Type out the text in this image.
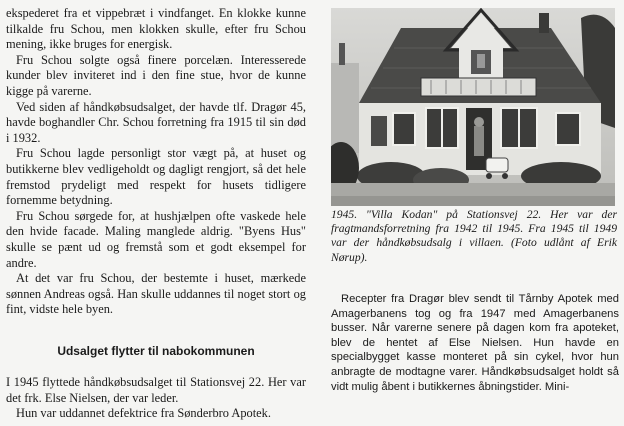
ekspederet fra et vippebræt i vindfanget. En klokke kunne tilkalde fru Schou, men klokken skulle, efter fru Schou mening, ikke bruges for energisk.

Fru Schou solgte også finere porcelæn. Interesserede kunder blev inviteret ind i den fine stue, hvor de kunne kigge på varerne.

Ved siden af håndkøbsudsalget, der havde tlf. Dragør 45, havde boghandler Chr. Schou forretning fra 1915 til sin død i 1932.

Fru Schou lagde personligt stor vægt på, at huset og butikkerne blev vedligeholdt og dagligt rengjort, så det hele fremstod prydeligt med respekt for husets tidligere fornemme betydning.

Fru Schou sørgede for, at hushjælpen ofte vaskede hele den hvide facade. Maling manglede aldrig. "Byens Hus" skulle se pænt ud og fremstå som et godt eksempel for andre.

At det var fru Schou, der bestemte i huset, mærkede sønnen Andreas også. Han skulle uddannes til noget stort og fint, vidste hele byen.

Udsalget flytter til nabokommunen

I 1945 flyttede håndkøbsudsalget til Stationsvej 22. Her var det frk. Else Nielsen, der var leder.

Hun var uddannet defektrice fra Sønderbro Apotek.

1945. "Villa Kodan" på Stationsvej 22. Her var der fragtmandsforretning fra 1942 til 1945. Fra 1945 til 1949 var der håndkøbsudsalg i villaen. (Foto udlånt af Erik Nørup).

Recepter fra Dragør blev sendt til Tårnby Apotek med Amagerbanens tog og fra 1947 med Amagerbanens busser. Når varerne senere på dagen kom fra apoteket, blev de hentet af Else Nielsen. Hun havde en specialbygget kasse monteret på sin cykel, hvor hun anbragte de modtagne varer. Håndkøbsudsalget holdt så vidt mulig åbent i butikkernes åbningstider. Mini-
